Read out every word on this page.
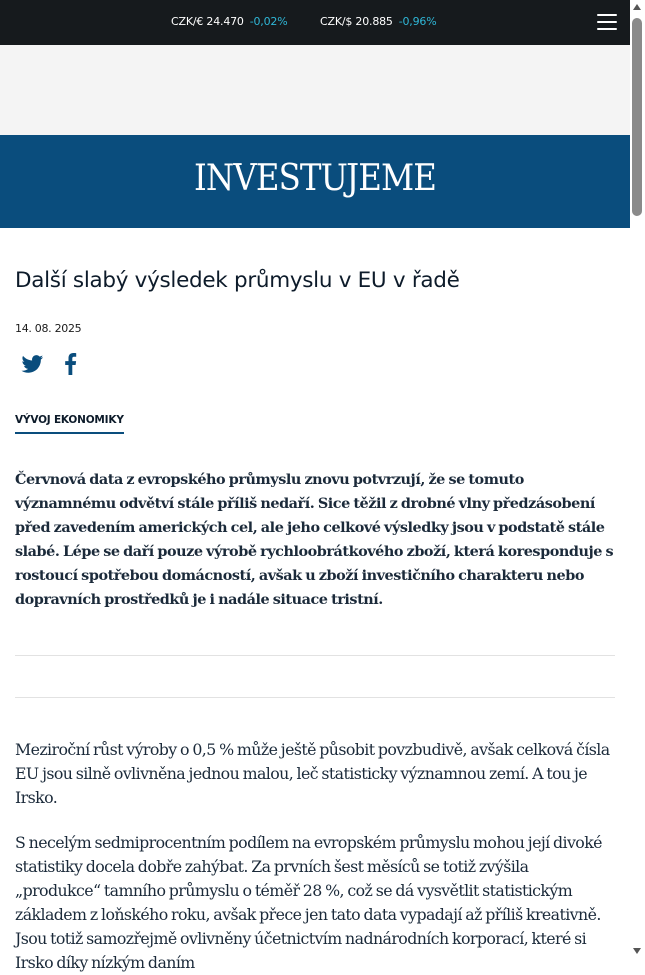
CZK/€ 24.470 -0,02%	CZK/$ 20.885 -0,96%
INVESTUJEME
Další slabý výsledek průmyslu v EU v řadě
14. 08. 2025
VÝVOJ EKONOMIKY

Červnová data z evropského průmyslu znovu potvrzují, že se tomuto významnému odvětví stále příliš nedaří. Sice těžil z drobné vlny předzásobení před zavedením amerických cel, ale jeho celkové výsledky jsou v podstatě stále slabé. Lépe se daří pouze výrobě rychloobrátkového zboží, která koresponduje s rostoucí spotřebou domácností, avšak u zboží investičního charakteru nebo dopravních prostředků je i nadále situace tristní.

Meziroční růst výroby o 0,5 % může ještě působit povzbudivě, avšak celková čísla EU jsou silně ovlivněna jednou malou, leč statisticky významnou zemí. A tou je Irsko.

S necelým sedmiprocentním podílem na evropském průmyslu mohou její divoké statistiky docela dobře zahýbat. Za prvních šest měsíců se totiž zvýšila „produkce“ tamního průmyslu o téměř 28 %, což se dá vysvětlit statistickým základem z loňského roku, avšak přece jen tato data vypadají až příliš kreativně. Jsou totiž samozřejmě ovlivněny účetnictvím nadnárodních korporací, které si Irsko díky nízkým daním
